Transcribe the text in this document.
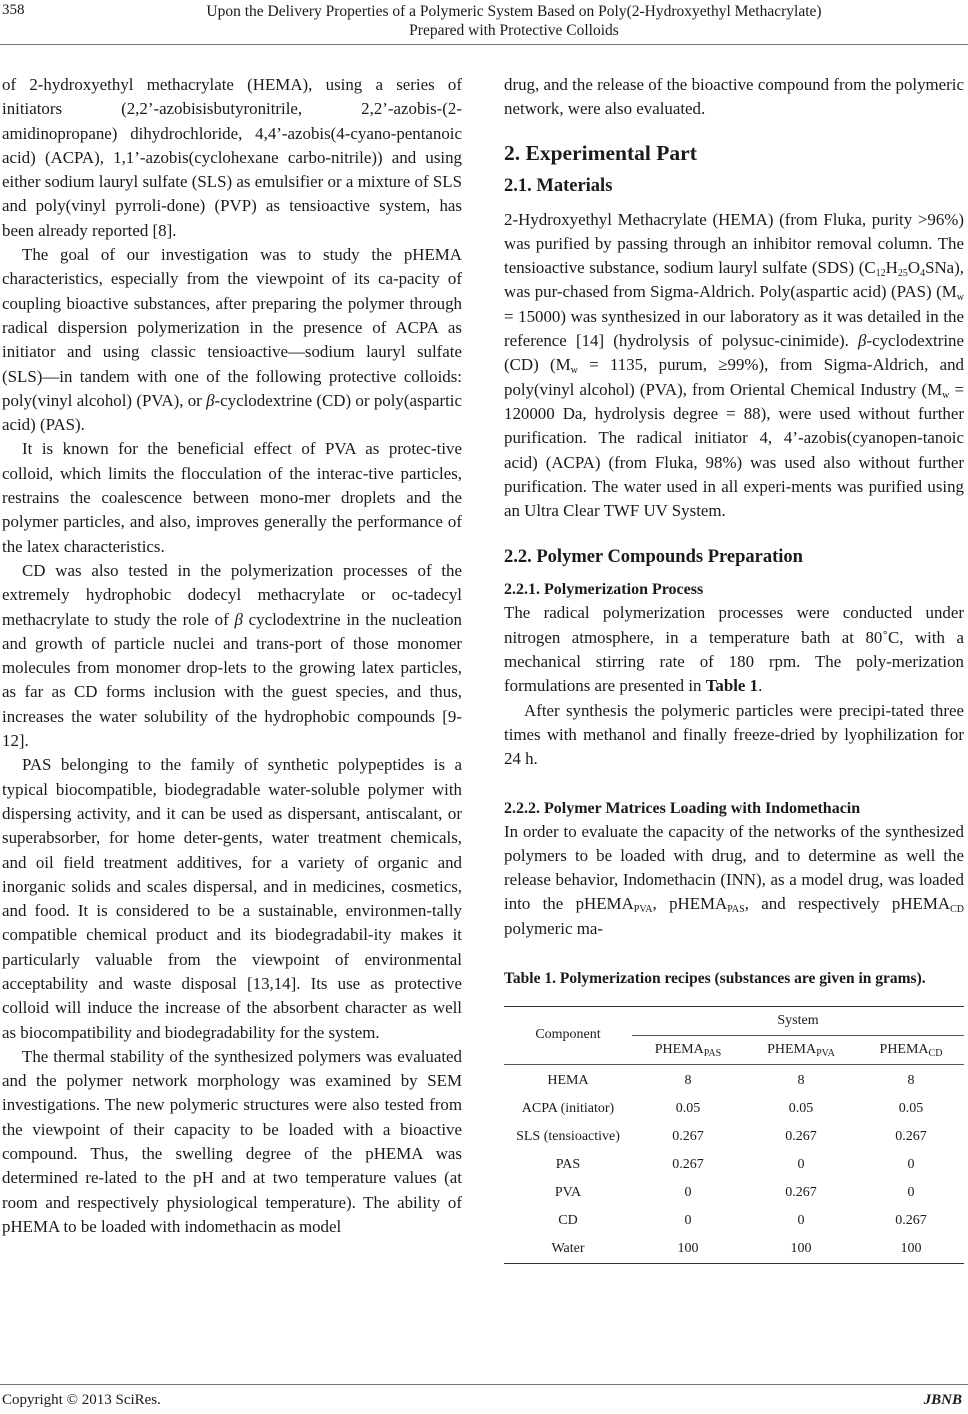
358	Upon the Delivery Properties of a Polymeric System Based on Poly(2-Hydroxyethyl Methacrylate)
Prepared with Protective Colloids

of 2-hydroxyethyl methacrylate (HEMA), using a series of initiators (2,2’-azobisisbutyronitrile, 2,2’-azobis-(2-amidinopropane) dihydrochloride, 4,4’-azobis(4-cyano-pentanoic acid) (ACPA), 1,1’-azobis(cyclohexane carbo-nitrile)) and using either sodium lauryl sulfate (SLS) as emulsifier or a mixture of SLS and poly(vinyl pyrroli-done) (PVP) as tensioactive system, has been already reported [8].

The goal of our investigation was to study the pHEMA characteristics, especially from the viewpoint of its ca-pacity of coupling bioactive substances, after preparing the polymer through radical dispersion polymerization in the presence of ACPA as initiator and using classic tensioactive—sodium lauryl sulfate (SLS)—in tandem with one of the following protective colloids: poly(vinyl alcohol) (PVA), or β-cyclodextrine (CD) or poly(aspartic acid) (PAS).

It is known for the beneficial effect of PVA as protec-tive colloid, which limits the flocculation of the interac-tive particles, restrains the coalescence between mono-mer droplets and the polymer particles, and also, improves generally the performance of the latex characteristics.

CD was also tested in the polymerization processes of the extremely hydrophobic dodecyl methacrylate or oc-tadecyl methacrylate to study the role of β cyclodextrine in the nucleation and growth of particle nuclei and trans-port of those monomer molecules from monomer drop-lets to the growing latex particles, as far as CD forms inclusion with the guest species, and thus, increases the water solubility of the hydrophobic compounds [9-12].

PAS belonging to the family of synthetic polypeptides is a typical biocompatible, biodegradable water-soluble polymer with dispersing activity, and it can be used as dispersant, antiscalant, or superabsorber, for home deter-gents, water treatment chemicals, and oil field treatment additives, for a variety of organic and inorganic solids and scales dispersal, and in medicines, cosmetics, and food. It is considered to be a sustainable, environmen-tally compatible chemical product and its biodegradabil-ity makes it particularly valuable from the viewpoint of environmental acceptability and waste disposal [13,14]. Its use as protective colloid will induce the increase of the absorbent character as well as biocompatibility and biodegradability for the system.

The thermal stability of the synthesized polymers was evaluated and the polymer network morphology was examined by SEM investigations. The new polymeric structures were also tested from the viewpoint of their capacity to be loaded with a bioactive compound. Thus, the swelling degree of the pHEMA was determined re-lated to the pH and at two temperature values (at room and respectively physiological temperature). The ability of pHEMA to be loaded with indomethacin as model

drug, and the release of the bioactive compound from the polymeric network, were also evaluated.

2. Experimental Part
2.1. Materials

2-Hydroxyethyl Methacrylate (HEMA) (from Fluka, purity >96%) was purified by passing through an inhibitor removal column. The tensioactive substance, sodium lauryl sulfate (SDS) $(C_{12}H_{25}O_4SNa)$, was pur-chased from Sigma-Aldrich. Poly(aspartic acid) (PAS) $(M_w = 15000)$ was synthesized in our laboratory as it was detailed in the reference [14] (hydrolysis of polysuc-cinimide). β-cyclodextrine (CD) ($M_w = 1135$, purum, ≥99%), from Sigma-Aldrich, and poly(vinyl alcohol) (PVA), from Oriental Chemical Industry ($M_w = 120000$ Da, hydrolysis degree = 88), were used without further purification. The radical initiator 4, 4’-azobis(cyanopen-tanoic acid) (ACPA) (from Fluka, 98%) was used also without further purification. The water used in all experi-ments was purified using an Ultra Clear TWF UV System.

2.2. Polymer Compounds Preparation
2.2.1. Polymerization Process

The radical polymerization processes were conducted under nitrogen atmosphere, in a temperature bath at 80˚C, with a mechanical stirring rate of 180 rpm. The poly-merization formulations are presented in Table 1.

After synthesis the polymeric particles were precipi-tated three times with methanol and finally freeze-dried by lyophilization for 24 h.

2.2.2. Polymer Matrices Loading with Indomethacin

In order to evaluate the capacity of the networks of the synthesized polymers to be loaded with drug, and to determine as well the release behavior, Indomethacin (INN), as a model drug, was loaded into the pHEMA$_{PVA}$, pHEMA$_{PAS}$, and respectively pHEMA$_{CD}$ polymeric ma-

Table 1. Polymerization recipes (substances are given in grams).
Component	System		
	$PHEMA_{PAS}$	$PHEMA_{PVA}$	$PHEMA_{CD}$
HEMA	8	8	8
ACPA (initiator)	0.05	0.05	0.05
SLS (tensioactive)	0.267	0.267	0.267
PAS	0.267	0	0
PVA	0	0.267	0
CD	0	0	0.267
Water	100	100	100
Copyright © 2013 SciRes.	JBNB
